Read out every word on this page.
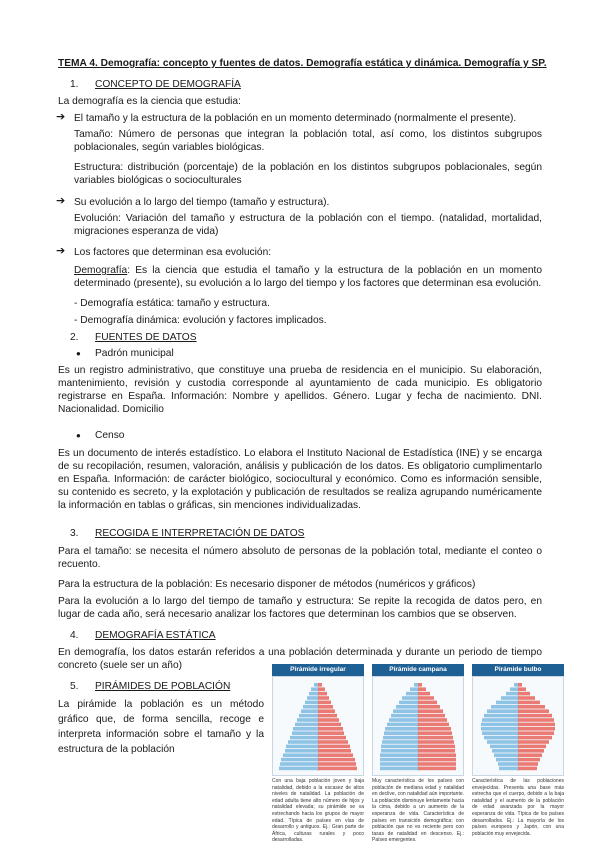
TEMA 4. Demografía: concepto y fuentes de datos. Demografía estática y dinámica. Demografía y SP.
1. CONCEPTO DE DEMOGRAFÍA
La demografía es la ciencia que estudia:
➔ El tamaño y la estructura de la población en un momento determinado (normalmente el presente).
Tamaño: Número de personas que integran la población total, así como, los distintos subgrupos poblacionales, según variables biológicas.
Estructura: distribución (porcentaje) de la población en los distintos subgrupos poblacionales, según variables biológicas o socioculturales
➔ Su evolución a lo largo del tiempo (tamaño y estructura).
Evolución: Variación del tamaño y estructura de la población con el tiempo. (natalidad, mortalidad, migraciones esperanza de vida)
➔ Los factores que determinan esa evolución:
Demografía: Es la ciencia que estudia el tamaño y la estructura de la población en un momento determinado (presente), su evolución a lo largo del tiempo y los factores que determinan esa evolución.
- Demografía estática: tamaño y estructura.
- Demografía dinámica: evolución y factores implicados.
2. FUENTES DE DATOS
● Padrón municipal
Es un registro administrativo, que constituye una prueba de residencia en el municipio. Su elaboración, mantenimiento, revisión y custodia corresponde al ayuntamiento de cada municipio. Es obligatorio registrarse en España. Información: Nombre y apellidos. Género. Lugar y fecha de nacimiento. DNI. Nacionalidad. Domicilio
● Censo
Es un documento de interés estadístico. Lo elabora el Instituto Nacional de Estadística (INE) y se encarga de su recopilación, resumen, valoración, análisis y publicación de los datos. Es obligatorio cumplimentarlo en España. Información: de carácter biológico, sociocultural y económico. Como es información sensible, su contenido es secreto, y la explotación y publicación de resultados se realiza agrupando numéricamente la información en tablas o gráficas, sin menciones individualizadas.
3. RECOGIDA E INTERPRETACIÓN DE DATOS
Para el tamaño: se necesita el número absoluto de personas de la población total, mediante el conteo o recuento.
Para la estructura de la población: Es necesario disponer de métodos (numéricos y gráficos)
Para la evolución a lo largo del tiempo de tamaño y estructura: Se repite la recogida de datos pero, en lugar de cada año, será necesario analizar los factores que determinan los cambios que se observen.
4. DEMOGRAFÍA ESTÁTICA
En demografía, los datos estarán referidos a una población determinada y durante un periodo de tiempo concreto (suele ser un año)
5. PIRÁMIDES DE POBLACIÓN
La pirámide la población es un método gráfico que, de forma sencilla, recoge e interpreta información sobre el tamaño y la estructura de la población
Pirámide irregular
Con una baja población joven y baja natalidad, debido a la escasez de altos niveles de natalidad. La población de edad adulta tiene alto número de hijos y natalidad elevada; su pirámide se va estrechando hacia los grupos de mayor edad. Típica de países en vías de desarrollo y antiguos. Ej.: Gran parte de África, culturas rurales y poco desarrolladas.
Pirámide campana
Muy característica de los países con población de mediana edad y natalidad en declive, con natalidad aún importante. La población disminuye lentamente hacia la cima, debido a un aumento de la esperanza de vida. Característica de países en transición demográfica; con población que no es reciente pero con tasas de natalidad en descenso. Ej.: Países emergentes.
Pirámide bulbo
Característica de las poblaciones envejecidas. Presenta una base más estrecha que el cuerpo, debido a la baja natalidad y el aumento de la población de edad avanzada por la mayor esperanza de vida. Típica de los países desarrollados. Ej.: La mayoría de los países europeos y Japón, con una población muy envejecida.
